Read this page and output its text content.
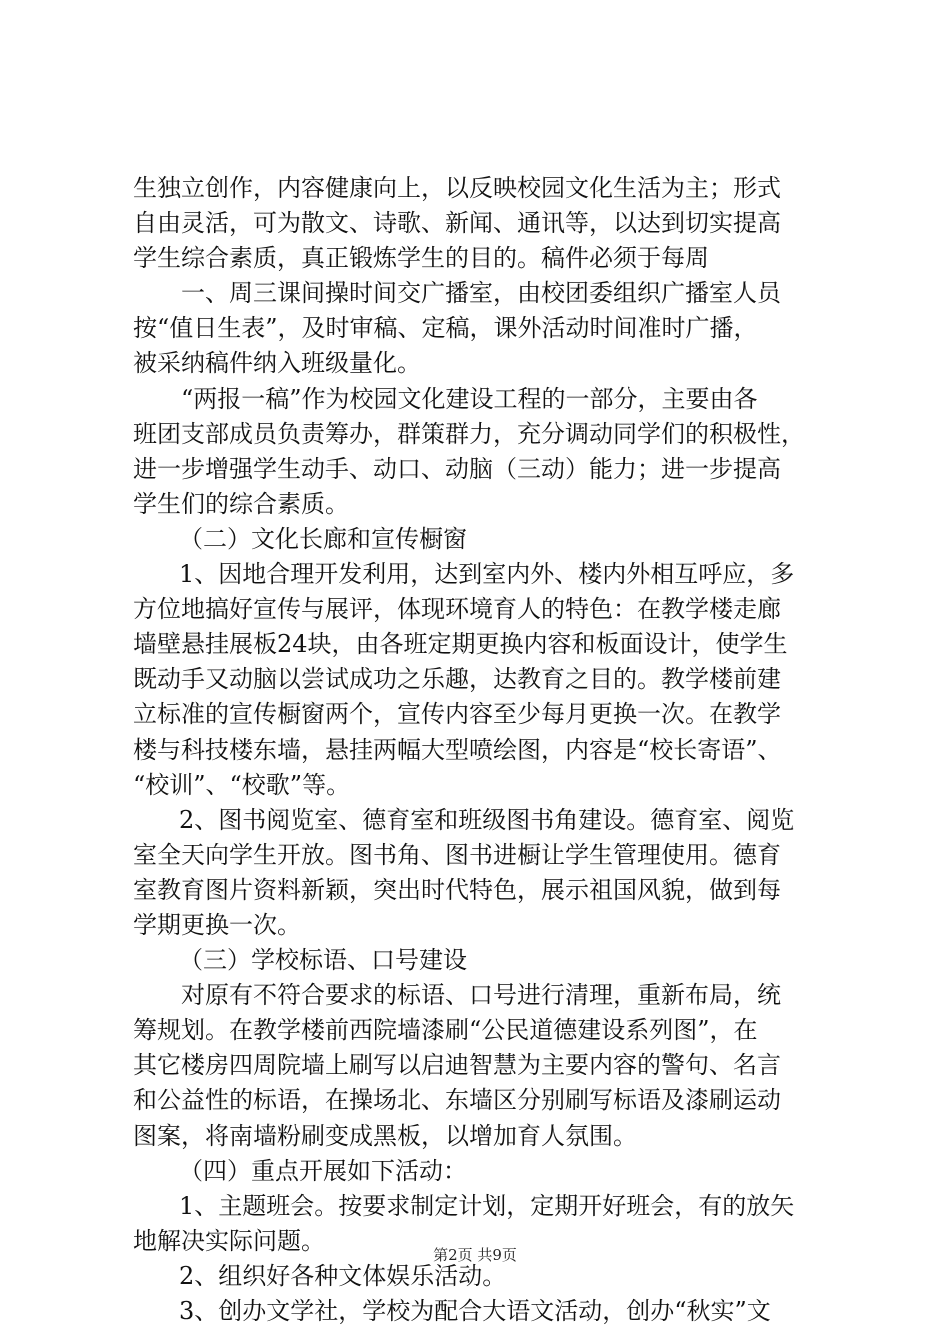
生独立创作，内容健康向上，以反映校园文化生活为主；形式
自由灵活，可为散文、诗歌、新闻、通讯等，以达到切实提高
学生综合素质，真正锻炼学生的目的。稿件必须于每周
一、周三课间操时间交广播室，由校团委组织广播室人员
按“值日生表”，及时审稿、定稿，课外活动时间准时广播，
被采纳稿件纳入班级量化。
“两报一稿”作为校园文化建设工程的一部分，主要由各
班团支部成员负责筹办，群策群力，充分调动同学们的积极性，
进一步增强学生动手、动口、动脑（三动）能力；进一步提高
学生们的综合素质。
（二）文化长廊和宣传橱窗
1、因地合理开发利用，达到室内外、楼内外相互呼应，多
方位地搞好宣传与展评，体现环境育人的特色：在教学楼走廊
墙壁悬挂展板24块，由各班定期更换内容和板面设计，使学生
既动手又动脑以尝试成功之乐趣，达教育之目的。教学楼前建
立标准的宣传橱窗两个，宣传内容至少每月更换一次。在教学
楼与科技楼东墙，悬挂两幅大型喷绘图，内容是“校长寄语”、
“校训”、“校歌”等。
2、图书阅览室、德育室和班级图书角建设。德育室、阅览
室全天向学生开放。图书角、图书进橱让学生管理使用。德育
室教育图片资料新颖，突出时代特色，展示祖国风貌，做到每
学期更换一次。
（三）学校标语、口号建设
对原有不符合要求的标语、口号进行清理，重新布局，统
筹规划。在教学楼前西院墙漆刷“公民道德建设系列图”，在
其它楼房四周院墙上刷写以启迪智慧为主要内容的警句、名言
和公益性的标语，在操场北、东墙区分别刷写标语及漆刷运动
图案，将南墙粉刷变成黑板，以增加育人氛围。
（四）重点开展如下活动：
1、主题班会。按要求制定计划，定期开好班会，有的放矢
地解决实际问题。
2、组织好各种文体娱乐活动。
3、创办文学社，学校为配合大语文活动，创办“秋实”文
第2页 共9页
